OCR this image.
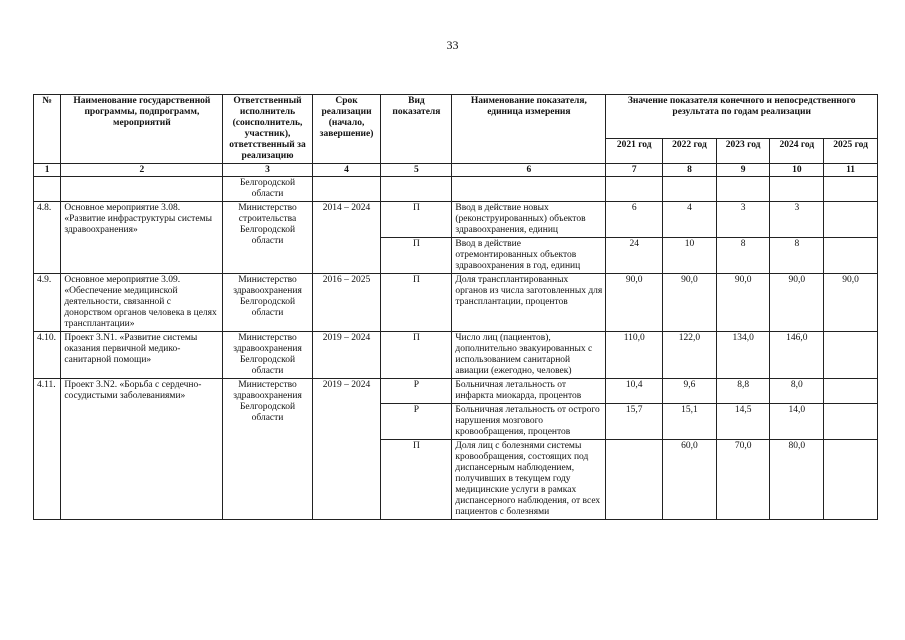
33
№	Наименование государственной программы, подпрограмм, мероприятий	Ответственный исполнитель (соисполнитель, участник), ответственный за реализацию	Срок реализации (начало, завершение)	Вид показателя	Наименование показателя, единица измерения	Значение показателя конечного и непосредственного результата по годам реализации				
						2021 год	2022 год	2023 год	2024 год	2025 год
1	2	3	4	5	6	7	8	9	10	11
		Белгородской области								
4.8.	Основное мероприятие 3.08. «Развитие инфраструктуры системы здравоохранения»	Министерство строительства Белгородской области	2014 – 2024	П	Ввод в действие новых (реконструированных) объектов здравоохранения, единиц	6	4	3	3	
				П	Ввод в действие отремонтированных объектов здравоохранения в год, единиц	24	10	8	8	
4.9.	Основное мероприятие 3.09. «Обеспечение медицинской деятельности, связанной с донорством органов человека в целях трансплантации»	Министерство здравоохранения Белгородской области	2016 – 2025	П	Доля трансплантированных органов из числа заготовленных для трансплантации, процентов	90,0	90,0	90,0	90,0	90,0
4.10.	Проект 3.N1. «Развитие системы оказания первичной медико-санитарной помощи»	Министерство здравоохранения Белгородской области	2019 – 2024	П	Число лиц (пациентов), дополнительно эвакуированных с использованием санитарной авиации (ежегодно, человек)	110,0	122,0	134,0	146,0	
4.11.	Проект 3.N2. «Борьба с сердечно-сосудистыми заболеваниями»	Министерство здравоохранения Белгородской области	2019 – 2024	Р	Больничная летальность от инфаркта миокарда, процентов	10,4	9,6	8,8	8,0	
				Р	Больничная летальность от острого нарушения мозгового кровообращения, процентов	15,7	15,1	14,5	14,0	
				П	Доля лиц с болезнями системы кровообращения, состоящих под диспансерным наблюдением, получивших в текущем году медицинские услуги в рамках диспансерного наблюдения, от всех пациентов с болезнями		60,0	70,0	80,0	
